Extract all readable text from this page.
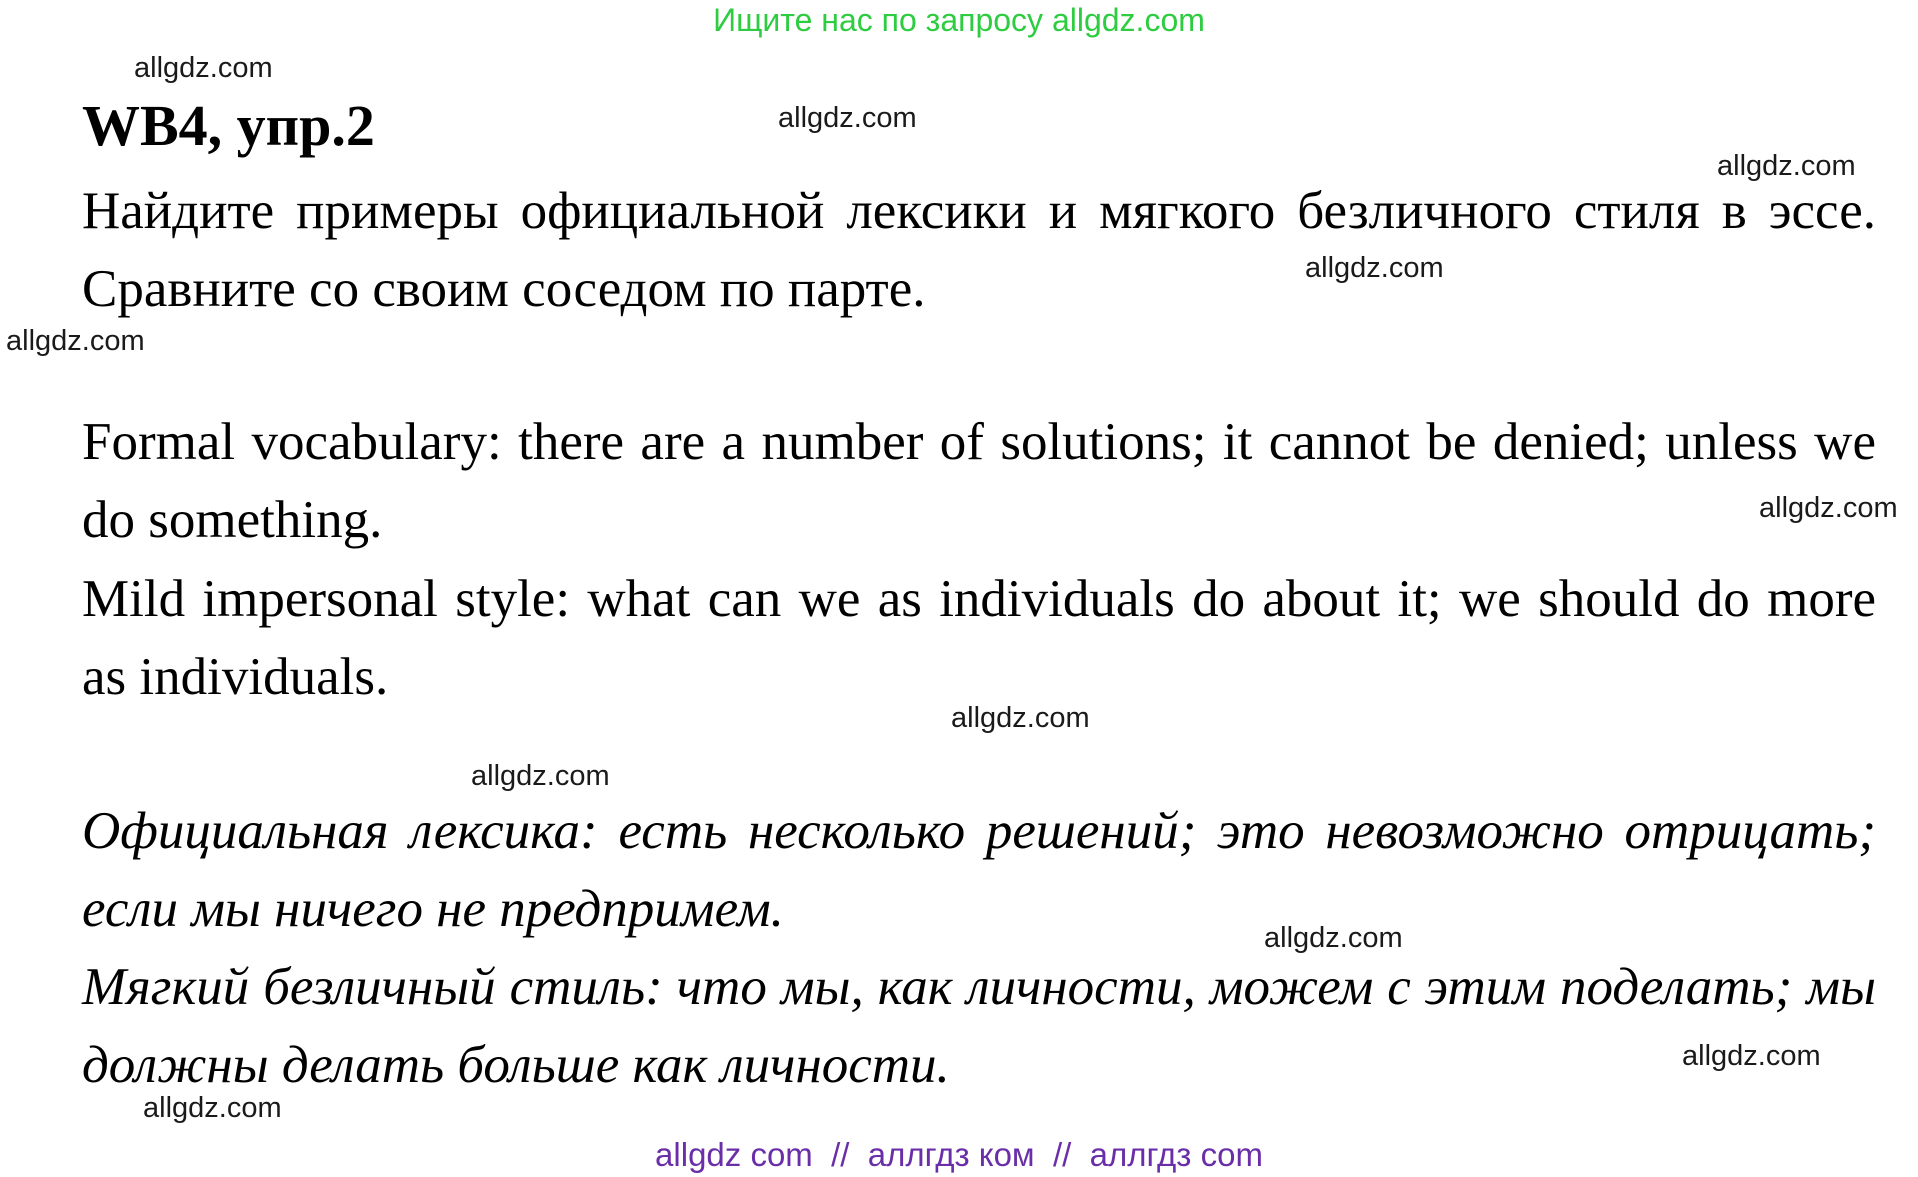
Ищите нас по запросу allgdz.com
WB4, упр.2

Найдите примеры официальной лексики и мягкого безличного стиля в эссе. Сравните со своим соседом по парте.

Formal vocabulary: there are a number of solutions; it cannot be denied; unless we do something.

Mild impersonal style: what can we as individuals do about it; we should do more as individuals.

Официальная лексика: есть несколько решений; это невозможно отрицать; если мы ничего не предпримем.

Мягкий безличный стиль: что мы, как личности, можем с этим поделать; мы должны делать больше как личности.

allgdz.com
allgdz.com
allgdz.com
allgdz.com
allgdz.com
allgdz.com
allgdz.com
allgdz.com
allgdz.com
allgdz.com
allgdz.com
allgdz com  //  аллгдз ком  //  аллгдз com
